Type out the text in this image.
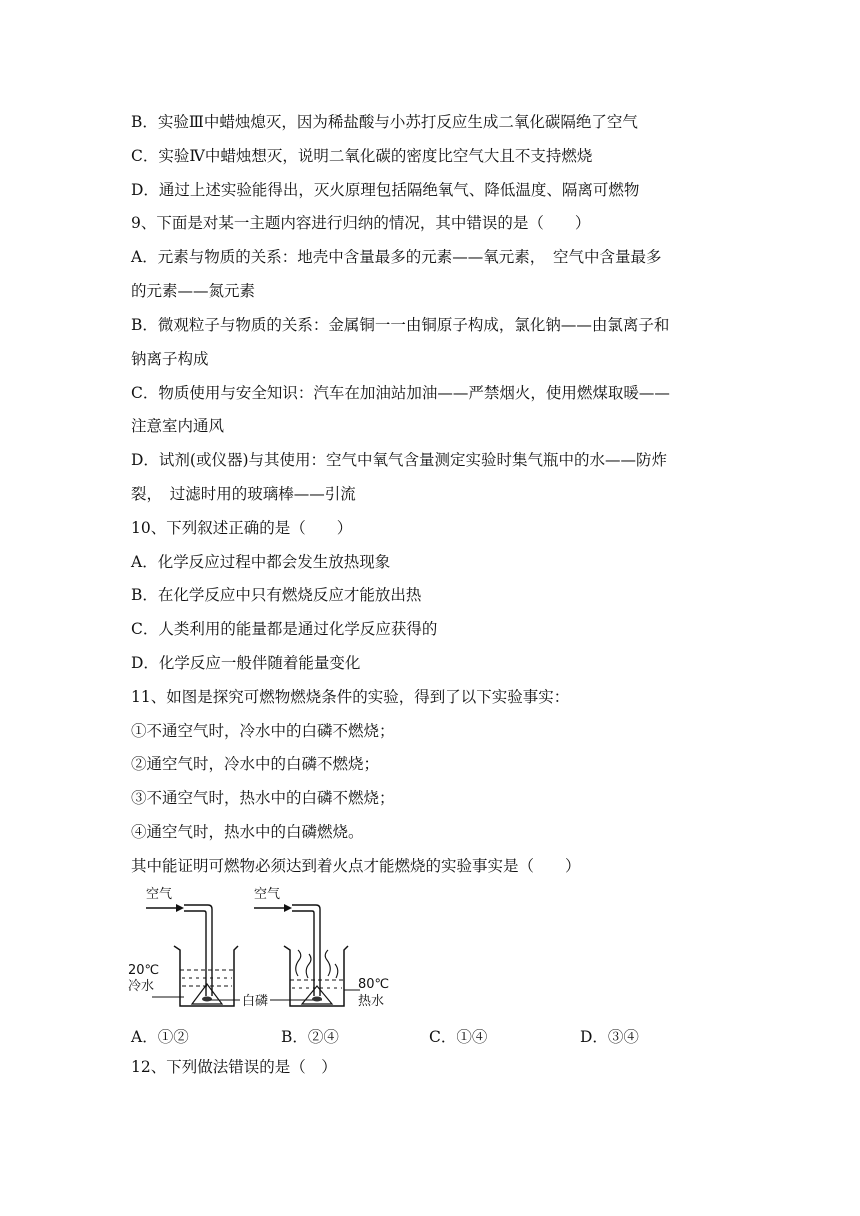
B．实验Ⅲ中蜡烛熄灭，因为稀盐酸与小苏打反应生成二氧化碳隔绝了空气
C．实验Ⅳ中蜡烛想灭，说明二氧化碳的密度比空气大且不支持燃烧
D．通过上述实验能得出，灭火原理包括隔绝氧气、降低温度、隔离可燃物
9、下面是对某一主题内容进行归纳的情况，其中错误的是（　　）
A．元素与物质的关系：地壳中含量最多的元素——氧元素，　空气中含量最多
的元素——氮元素
B．微观粒子与物质的关系：金属铜一一由铜原子构成，氯化钠——由氯离子和
钠离子构成
C．物质使用与安全知识：汽车在加油站加油——严禁烟火，使用燃煤取暖——
注意室内通风
D．试剂(或仪器)与其使用：空气中氧气含量测定实验时集气瓶中的水——防炸
裂，　过滤时用的玻璃棒——引流
10、下列叙述正确的是（　　）
A．化学反应过程中都会发生放热现象
B．在化学反应中只有燃烧反应才能放出热
C．人类利用的能量都是通过化学反应获得的
D．化学反应一般伴随着能量变化
11、如图是探究可燃物燃烧条件的实验，得到了以下实验事实：
①不通空气时，冷水中的白磷不燃烧；
②通空气时，冷水中的白磷不燃烧；
③不通空气时，热水中的白磷不燃烧；
④通空气时，热水中的白磷燃烧。
其中能证明可燃物必须达到着火点才能燃烧的实验事实是（　　）
空气
20℃
冷水
白磷
空气
80℃
热水
A．①②	B．②④	C．①④	D．③④
12、下列做法错误的是（　）
